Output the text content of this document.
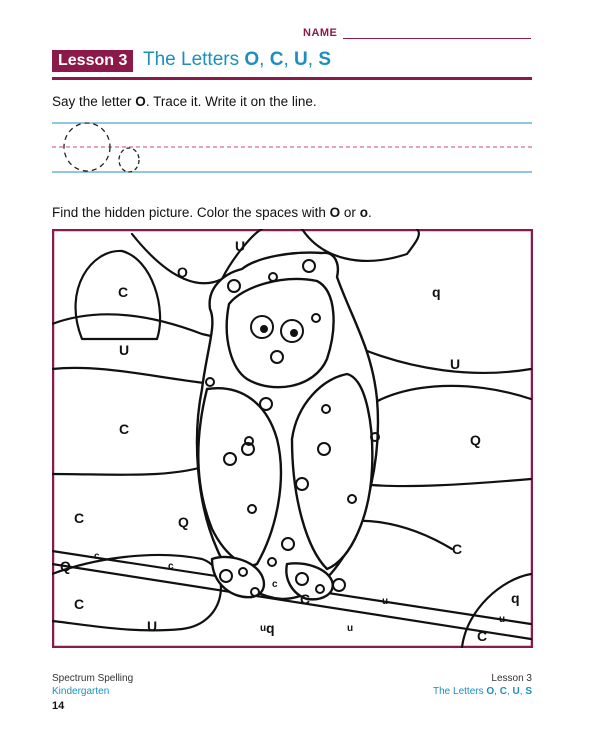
NAME
Lesson 3 The Letters O, C, U, S
Say the letter O. Trace it. Write it on the line.
Find the hidden picture. Color the spaces with O or o.
U
Q
C	q
U
U
C
Q
C	Q
C
Q
C
U	q	C
q
C
c
c
c
u
u
u	u
Spectrum Spelling
Kindergarten
14
Lesson 3
The Letters O, C, U, S
